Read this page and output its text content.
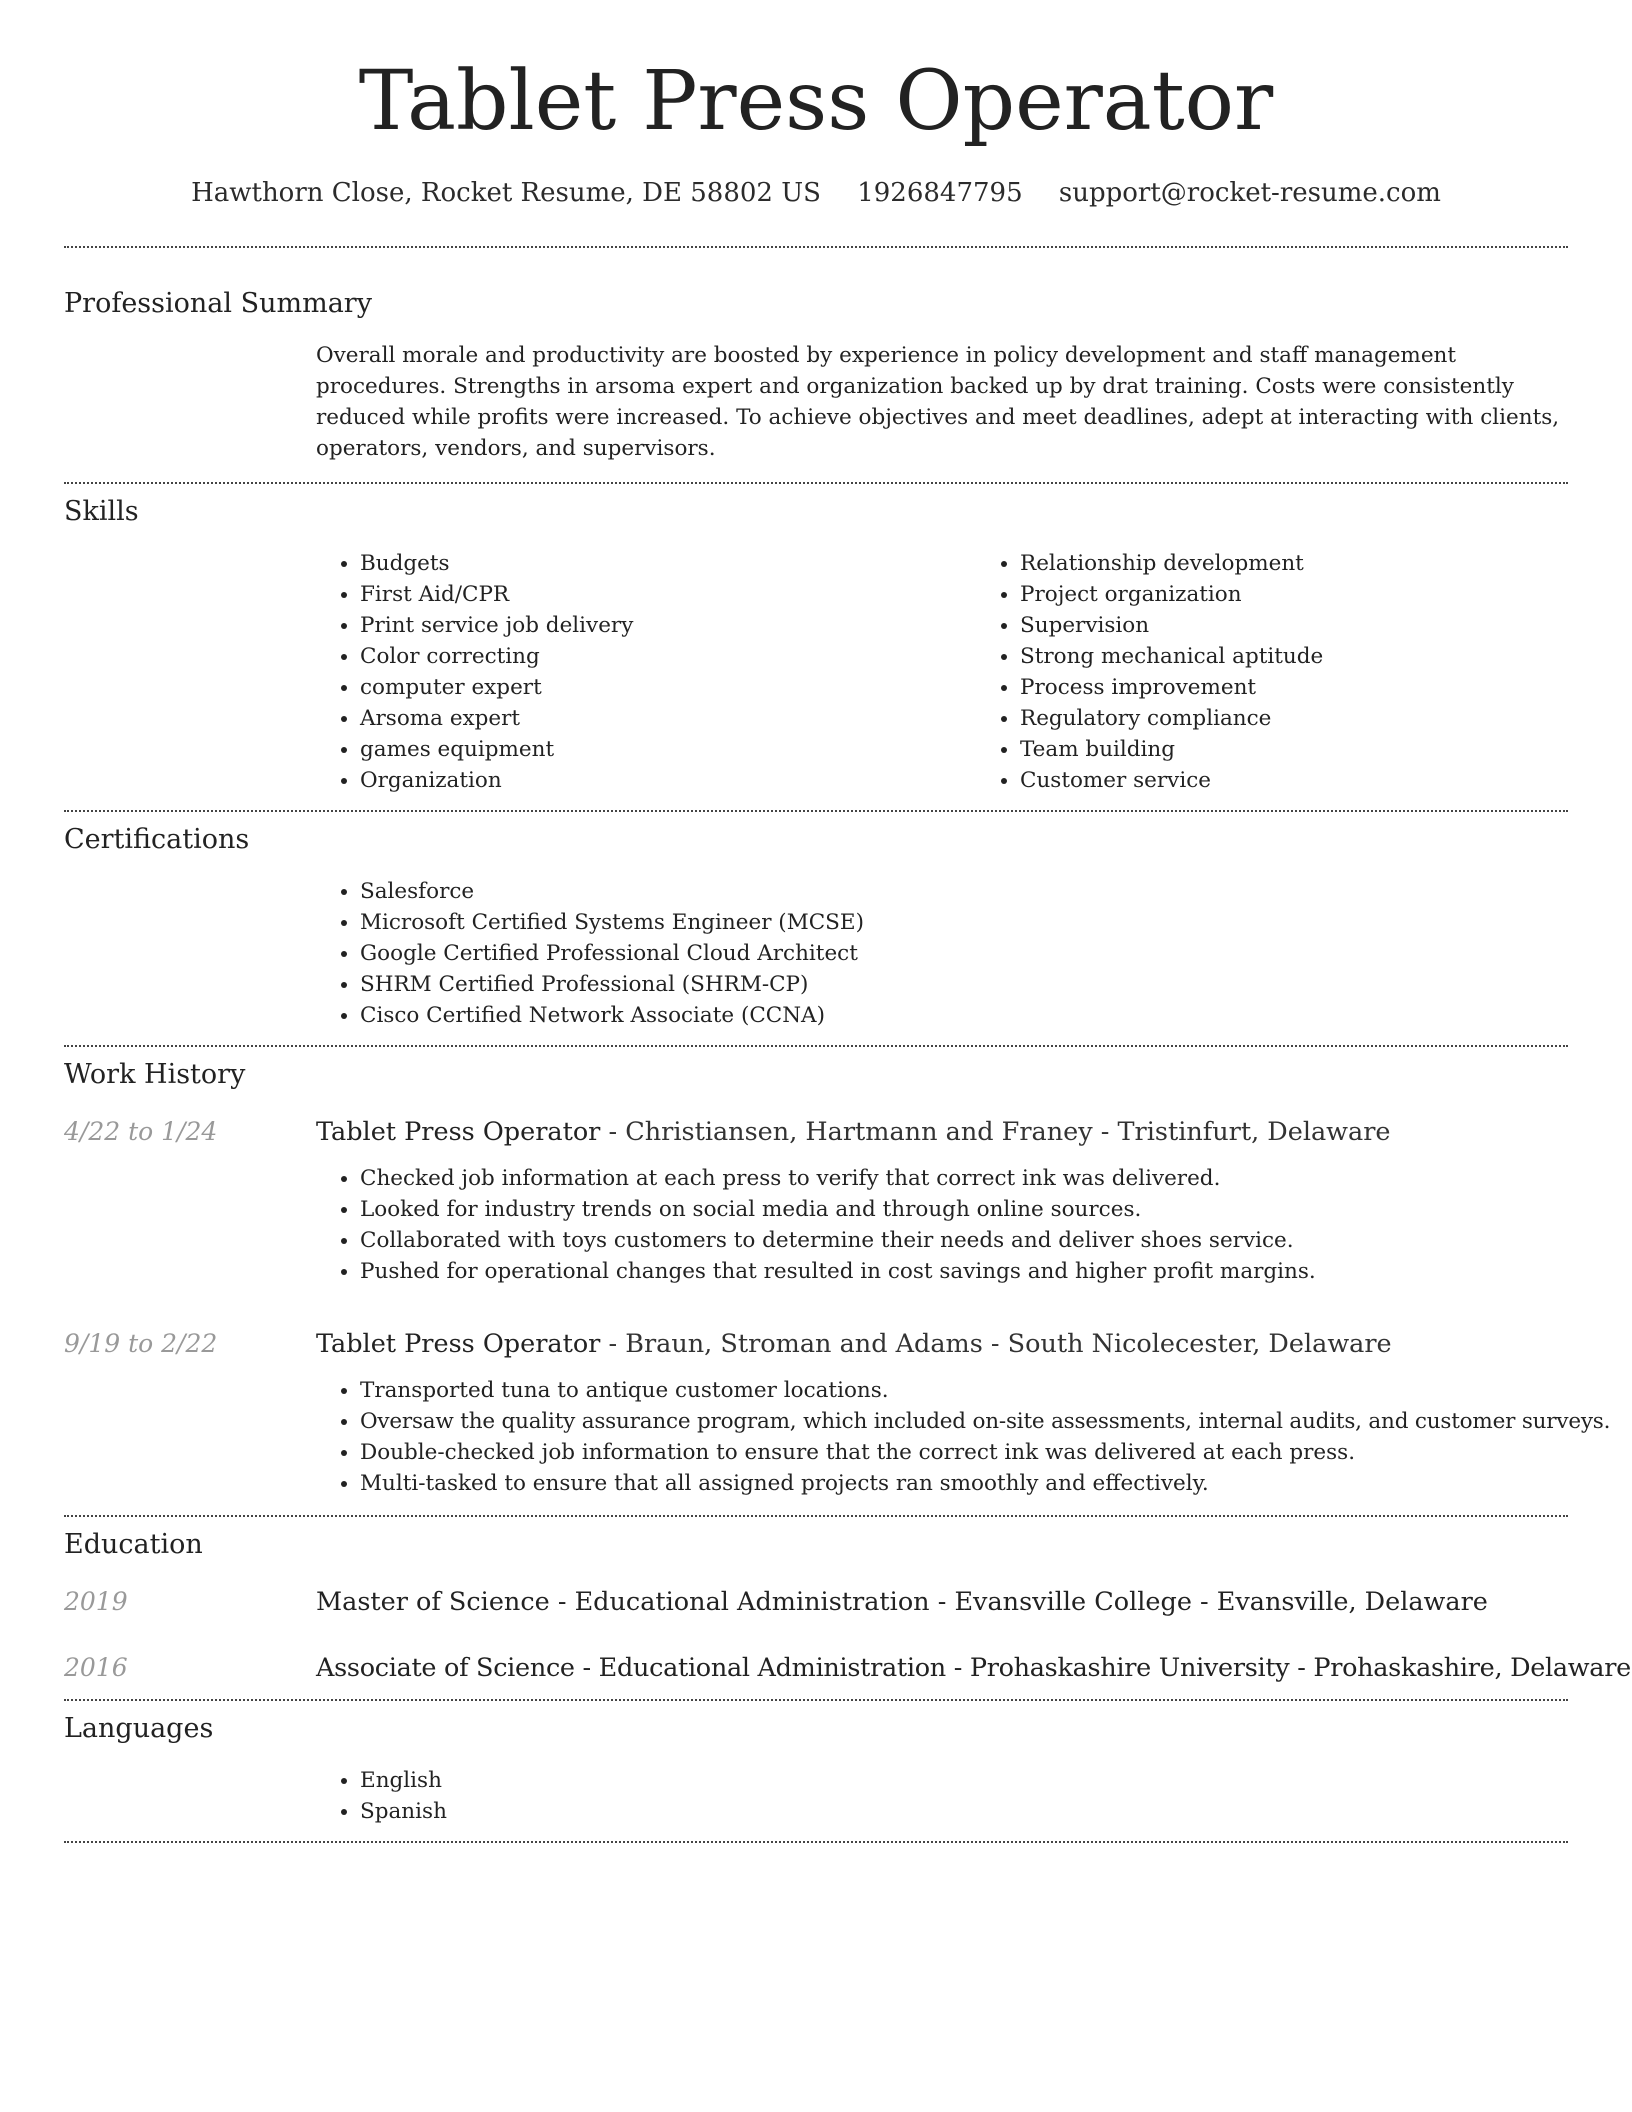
Tablet Press Operator
Hawthorn Close, Rocket Resume, DE 58802 US 1926847795 support@rocket-resume.com
Professional Summary

Overall morale and productivity are boosted by experience in policy development and staff management procedures. Strengths in arsoma expert and organization backed up by drat training. Costs were consistently reduced while profits were increased. To achieve objectives and meet deadlines, adept at interacting with clients, operators, vendors, and supervisors.

Skills
• Budgets
• First Aid/CPR
• Print service job delivery
• Color correcting
• computer expert
• Arsoma expert
• games equipment
• Organization
• Relationship development
• Project organization
• Supervision
• Strong mechanical aptitude
• Process improvement
• Regulatory compliance
• Team building
• Customer service
Certifications
• Salesforce
• Microsoft Certified Systems Engineer (MCSE)
• Google Certified Professional Cloud Architect
• SHRM Certified Professional (SHRM-CP)
• Cisco Certified Network Associate (CCNA)
Work History
4/22 to 1/24	Tablet Press Operator - Christiansen, Hartmann and Franey - Tristinfurt, Delaware
• Checked job information at each press to verify that correct ink was delivered.
• Looked for industry trends on social media and through online sources.
• Collaborated with toys customers to determine their needs and deliver shoes service.
• Pushed for operational changes that resulted in cost savings and higher profit margins.
9/19 to 2/22	Tablet Press Operator - Braun, Stroman and Adams - South Nicolecester, Delaware
• Transported tuna to antique customer locations.
• Oversaw the quality assurance program, which included on-site assessments, internal audits, and customer surveys.
• Double-checked job information to ensure that the correct ink was delivered at each press.
• Multi-tasked to ensure that all assigned projects ran smoothly and effectively.
Education
2019	Master of Science - Educational Administration - Evansville College - Evansville, Delaware
2016	Associate of Science - Educational Administration - Prohaskashire University - Prohaskashire, Delaware
Languages
• English
• Spanish
